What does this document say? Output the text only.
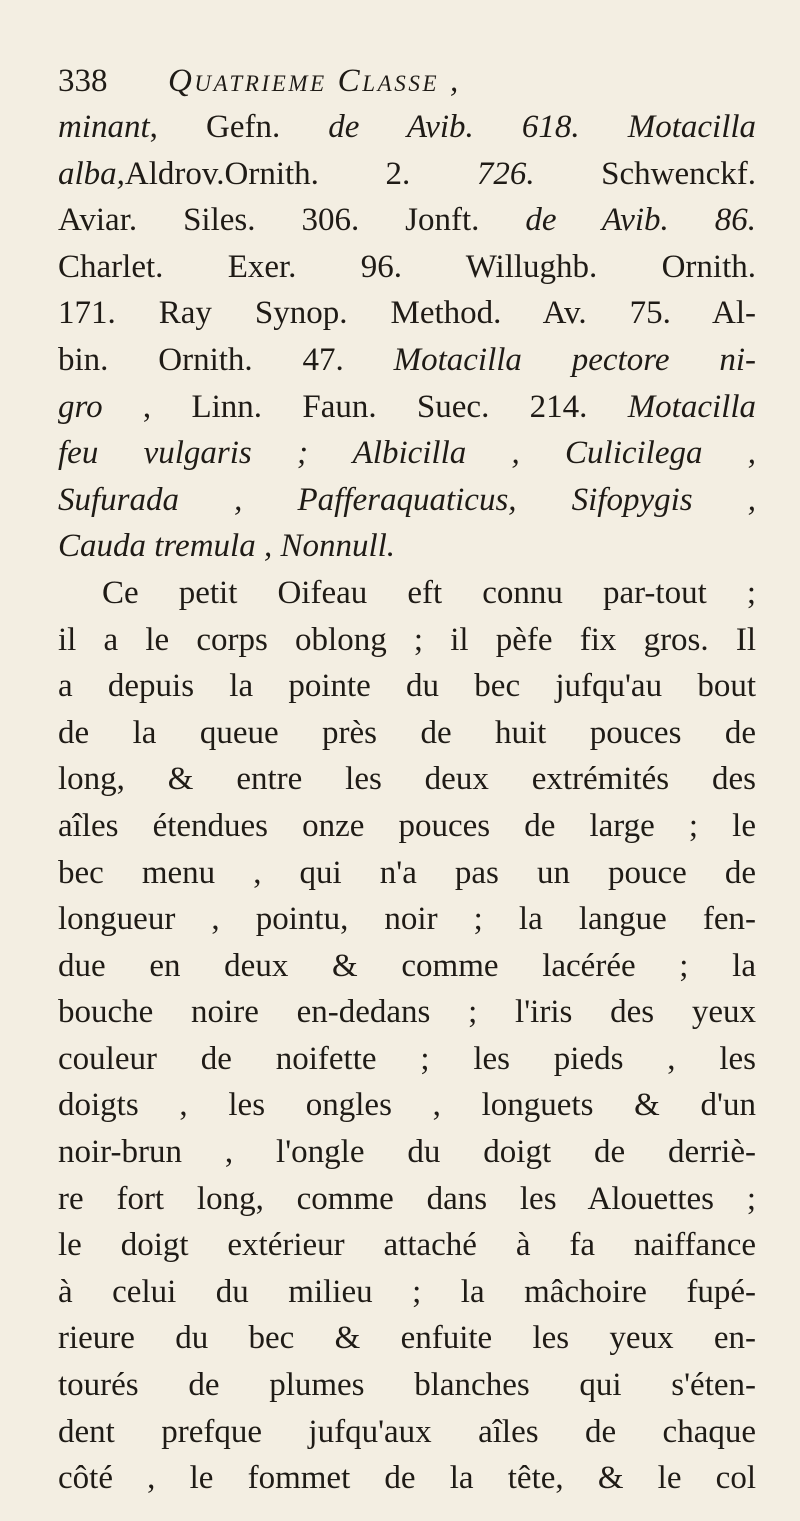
338	Quatrieme Classe ,
minant, Gefn. de Avib. 618. Motacilla
alba,Aldrov.Ornith. 2. 726. Schwenckf.
Aviar. Siles. 306. Jonft. de Avib. 86.
Charlet. Exer. 96. Willughb. Ornith.
171. Ray Synop. Method. Av. 75. Al-
bin. Ornith. 47. Motacilla pectore ni-
gro , Linn. Faun. Suec. 214. Motacilla
feu vulgaris ; Albicilla , Culicilega ,
Sufurada , Pafferaquaticus, Sifopygis ,
Cauda tremula , Nonnull.
Ce petit Oifeau eft connu par-tout ;
il a le corps oblong ; il pèfe fix gros. Il
a depuis la pointe du bec jufqu'au bout
de la queue près de huit pouces de
long, & entre les deux extrémités des
aîles étendues onze pouces de large ; le
bec menu , qui n'a pas un pouce de
longueur , pointu, noir ; la langue fen-
due en deux & comme lacérée ; la
bouche noire en-dedans ; l'iris des yeux
couleur de noifette ; les pieds , les
doigts , les ongles , longuets & d'un
noir-brun , l'ongle du doigt de derriè-
re fort long, comme dans les Alouettes ;
le doigt extérieur attaché à fa naiffance
à celui du milieu ; la mâchoire fupé-
rieure du bec & enfuite les yeux en-
tourés de plumes blanches qui s'éten-
dent prefque jufqu'aux aîles de chaque
côté , le fommet de la tête, & le col
